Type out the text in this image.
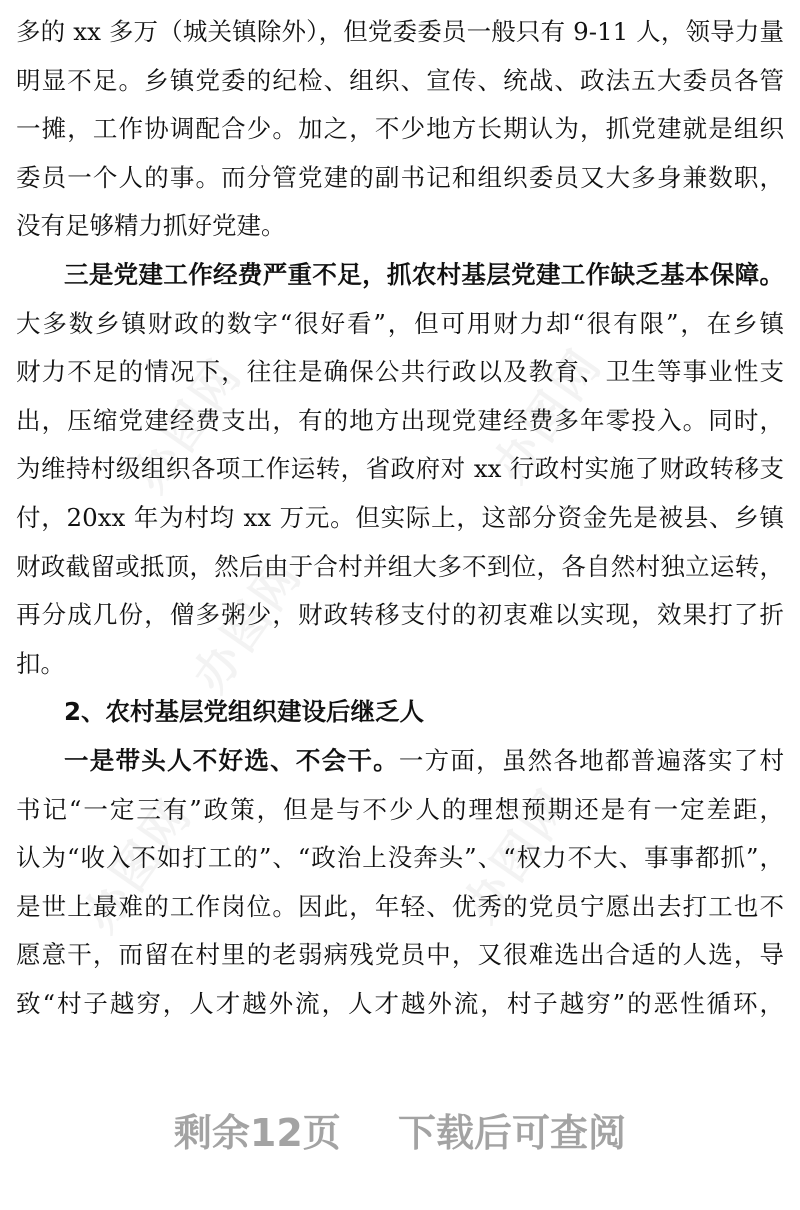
办图网	办图网
办图网
办图网	办图网
多的 xx 多万（城关镇除外），但党委委员一般只有 9-11 人，领导力量
明显不足。乡镇党委的纪检、组织、宣传、统战、政法五大委员各管
一摊，工作协调配合少。加之，不少地方长期认为，抓党建就是组织
委员一个人的事。而分管党建的副书记和组织委员又大多身兼数职，
没有足够精力抓好党建。
三是党建工作经费严重不足，抓农村基层党建工作缺乏基本保障。
大多数乡镇财政的数字“很好看”，但可用财力却“很有限”，在乡镇
财力不足的情况下，往往是确保公共行政以及教育、卫生等事业性支
出，压缩党建经费支出，有的地方出现党建经费多年零投入。同时，
为维持村级组织各项工作运转，省政府对 xx 行政村实施了财政转移支
付，20xx 年为村均 xx 万元。但实际上，这部分资金先是被县、乡镇
财政截留或抵顶，然后由于合村并组大多不到位，各自然村独立运转，
再分成几份，僧多粥少，财政转移支付的初衷难以实现，效果打了折
扣。
2、农村基层党组织建设后继乏人
一是带头人不好选、不会干。一方面，虽然各地都普遍落实了村
书记“一定三有”政策，但是与不少人的理想预期还是有一定差距，
认为“收入不如打工的”、“政治上没奔头”、“权力不大、事事都抓”，
是世上最难的工作岗位。因此，年轻、优秀的党员宁愿出去打工也不
愿意干，而留在村里的老弱病残党员中，又很难选出合适的人选，导
致“村子越穷，人才越外流，人才越外流，村子越穷”的恶性循环，
剩余12页 下载后可查阅
